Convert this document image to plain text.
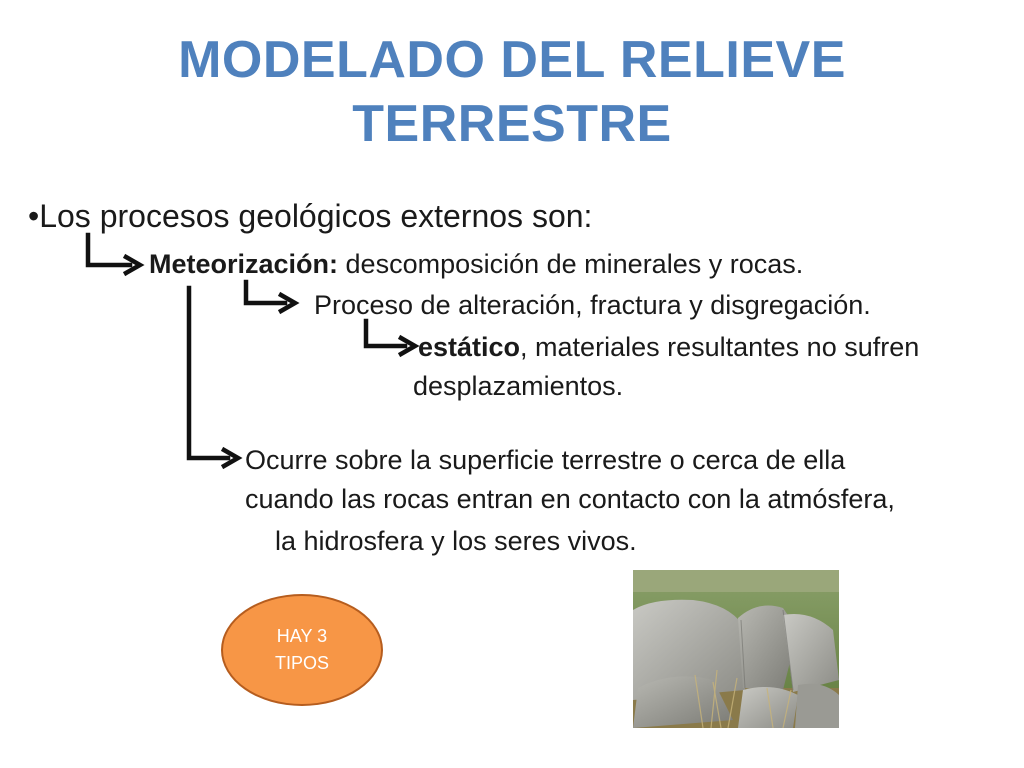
MODELADO DEL RELIEVE
TERRESTRE
•Los procesos geológicos externos son:
Meteorización: descomposición de minerales y rocas.
Proceso de alteración, fractura y disgregación.
estático, materiales resultantes no sufren
desplazamientos.
Ocurre sobre la superficie terrestre o cerca de ella
cuando las rocas entran en contacto con la atmósfera,
la hidrosfera y los seres vivos.
HAY 3
TIPOS
